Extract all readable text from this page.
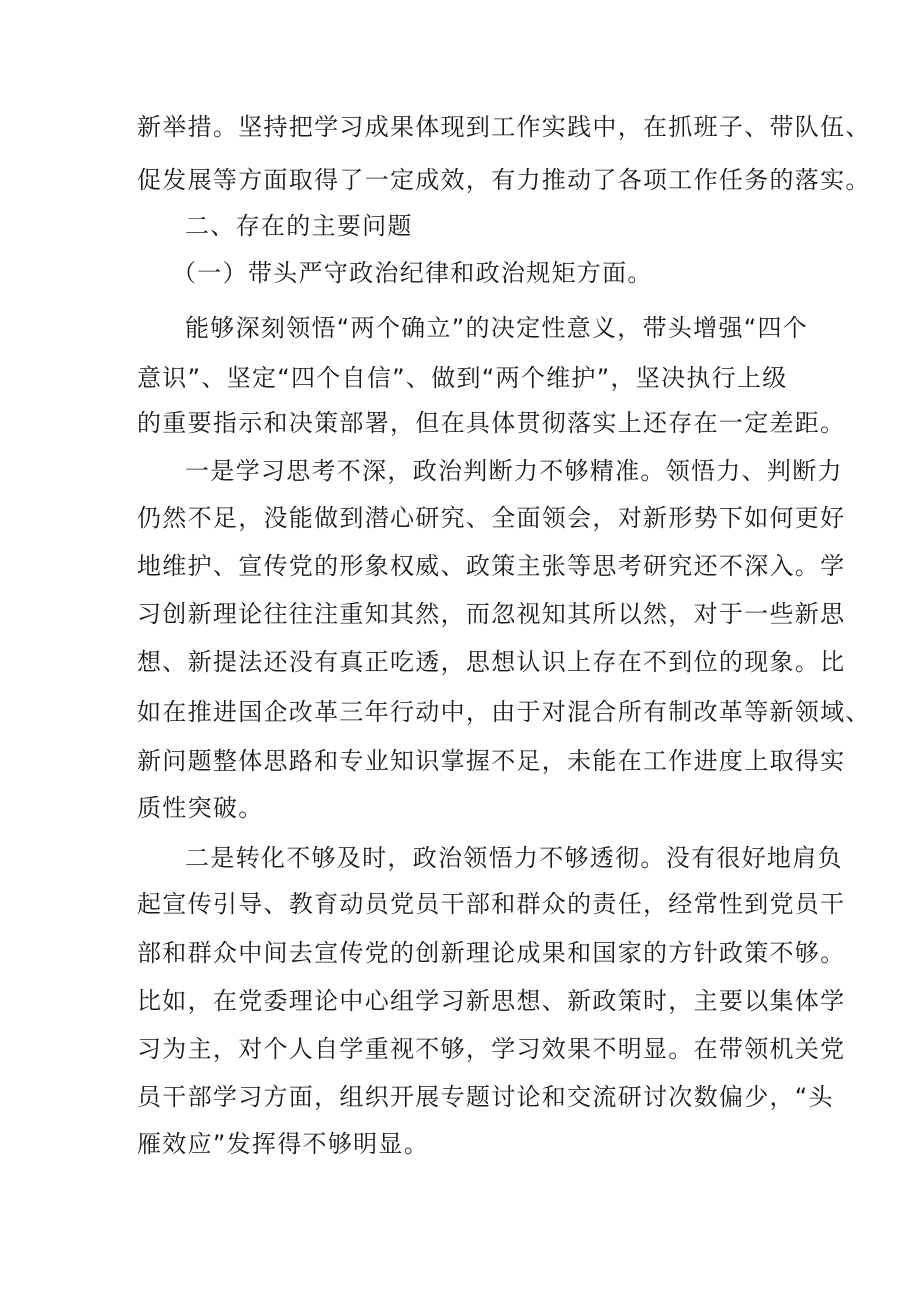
新举措。坚持把学习成果体现到工作实践中，在抓班子、带队伍、
促发展等方面取得了一定成效，有力推动了各项工作任务的落实。
二、存在的主要问题
（一）带头严守政治纪律和政治规矩方面。
能够深刻领悟“两个确立”的决定性意义，带头增强“四个
意识”、坚定“四个自信”、做到“两个维护”，坚决执行上级
的重要指示和决策部署，但在具体贯彻落实上还存在一定差距。
一是学习思考不深，政治判断力不够精准。领悟力、判断力
仍然不足，没能做到潜心研究、全面领会，对新形势下如何更好
地维护、宣传党的形象权威、政策主张等思考研究还不深入。学
习创新理论往往注重知其然，而忽视知其所以然，对于一些新思
想、新提法还没有真正吃透，思想认识上存在不到位的现象。比
如在推进国企改革三年行动中，由于对混合所有制改革等新领域、
新问题整体思路和专业知识掌握不足，未能在工作进度上取得实
质性突破。
二是转化不够及时，政治领悟力不够透彻。没有很好地肩负
起宣传引导、教育动员党员干部和群众的责任，经常性到党员干
部和群众中间去宣传党的创新理论成果和国家的方针政策不够。
比如，在党委理论中心组学习新思想、新政策时，主要以集体学
习为主，对个人自学重视不够，学习效果不明显。在带领机关党
员干部学习方面，组织开展专题讨论和交流研讨次数偏少，“头
雁效应”发挥得不够明显。
